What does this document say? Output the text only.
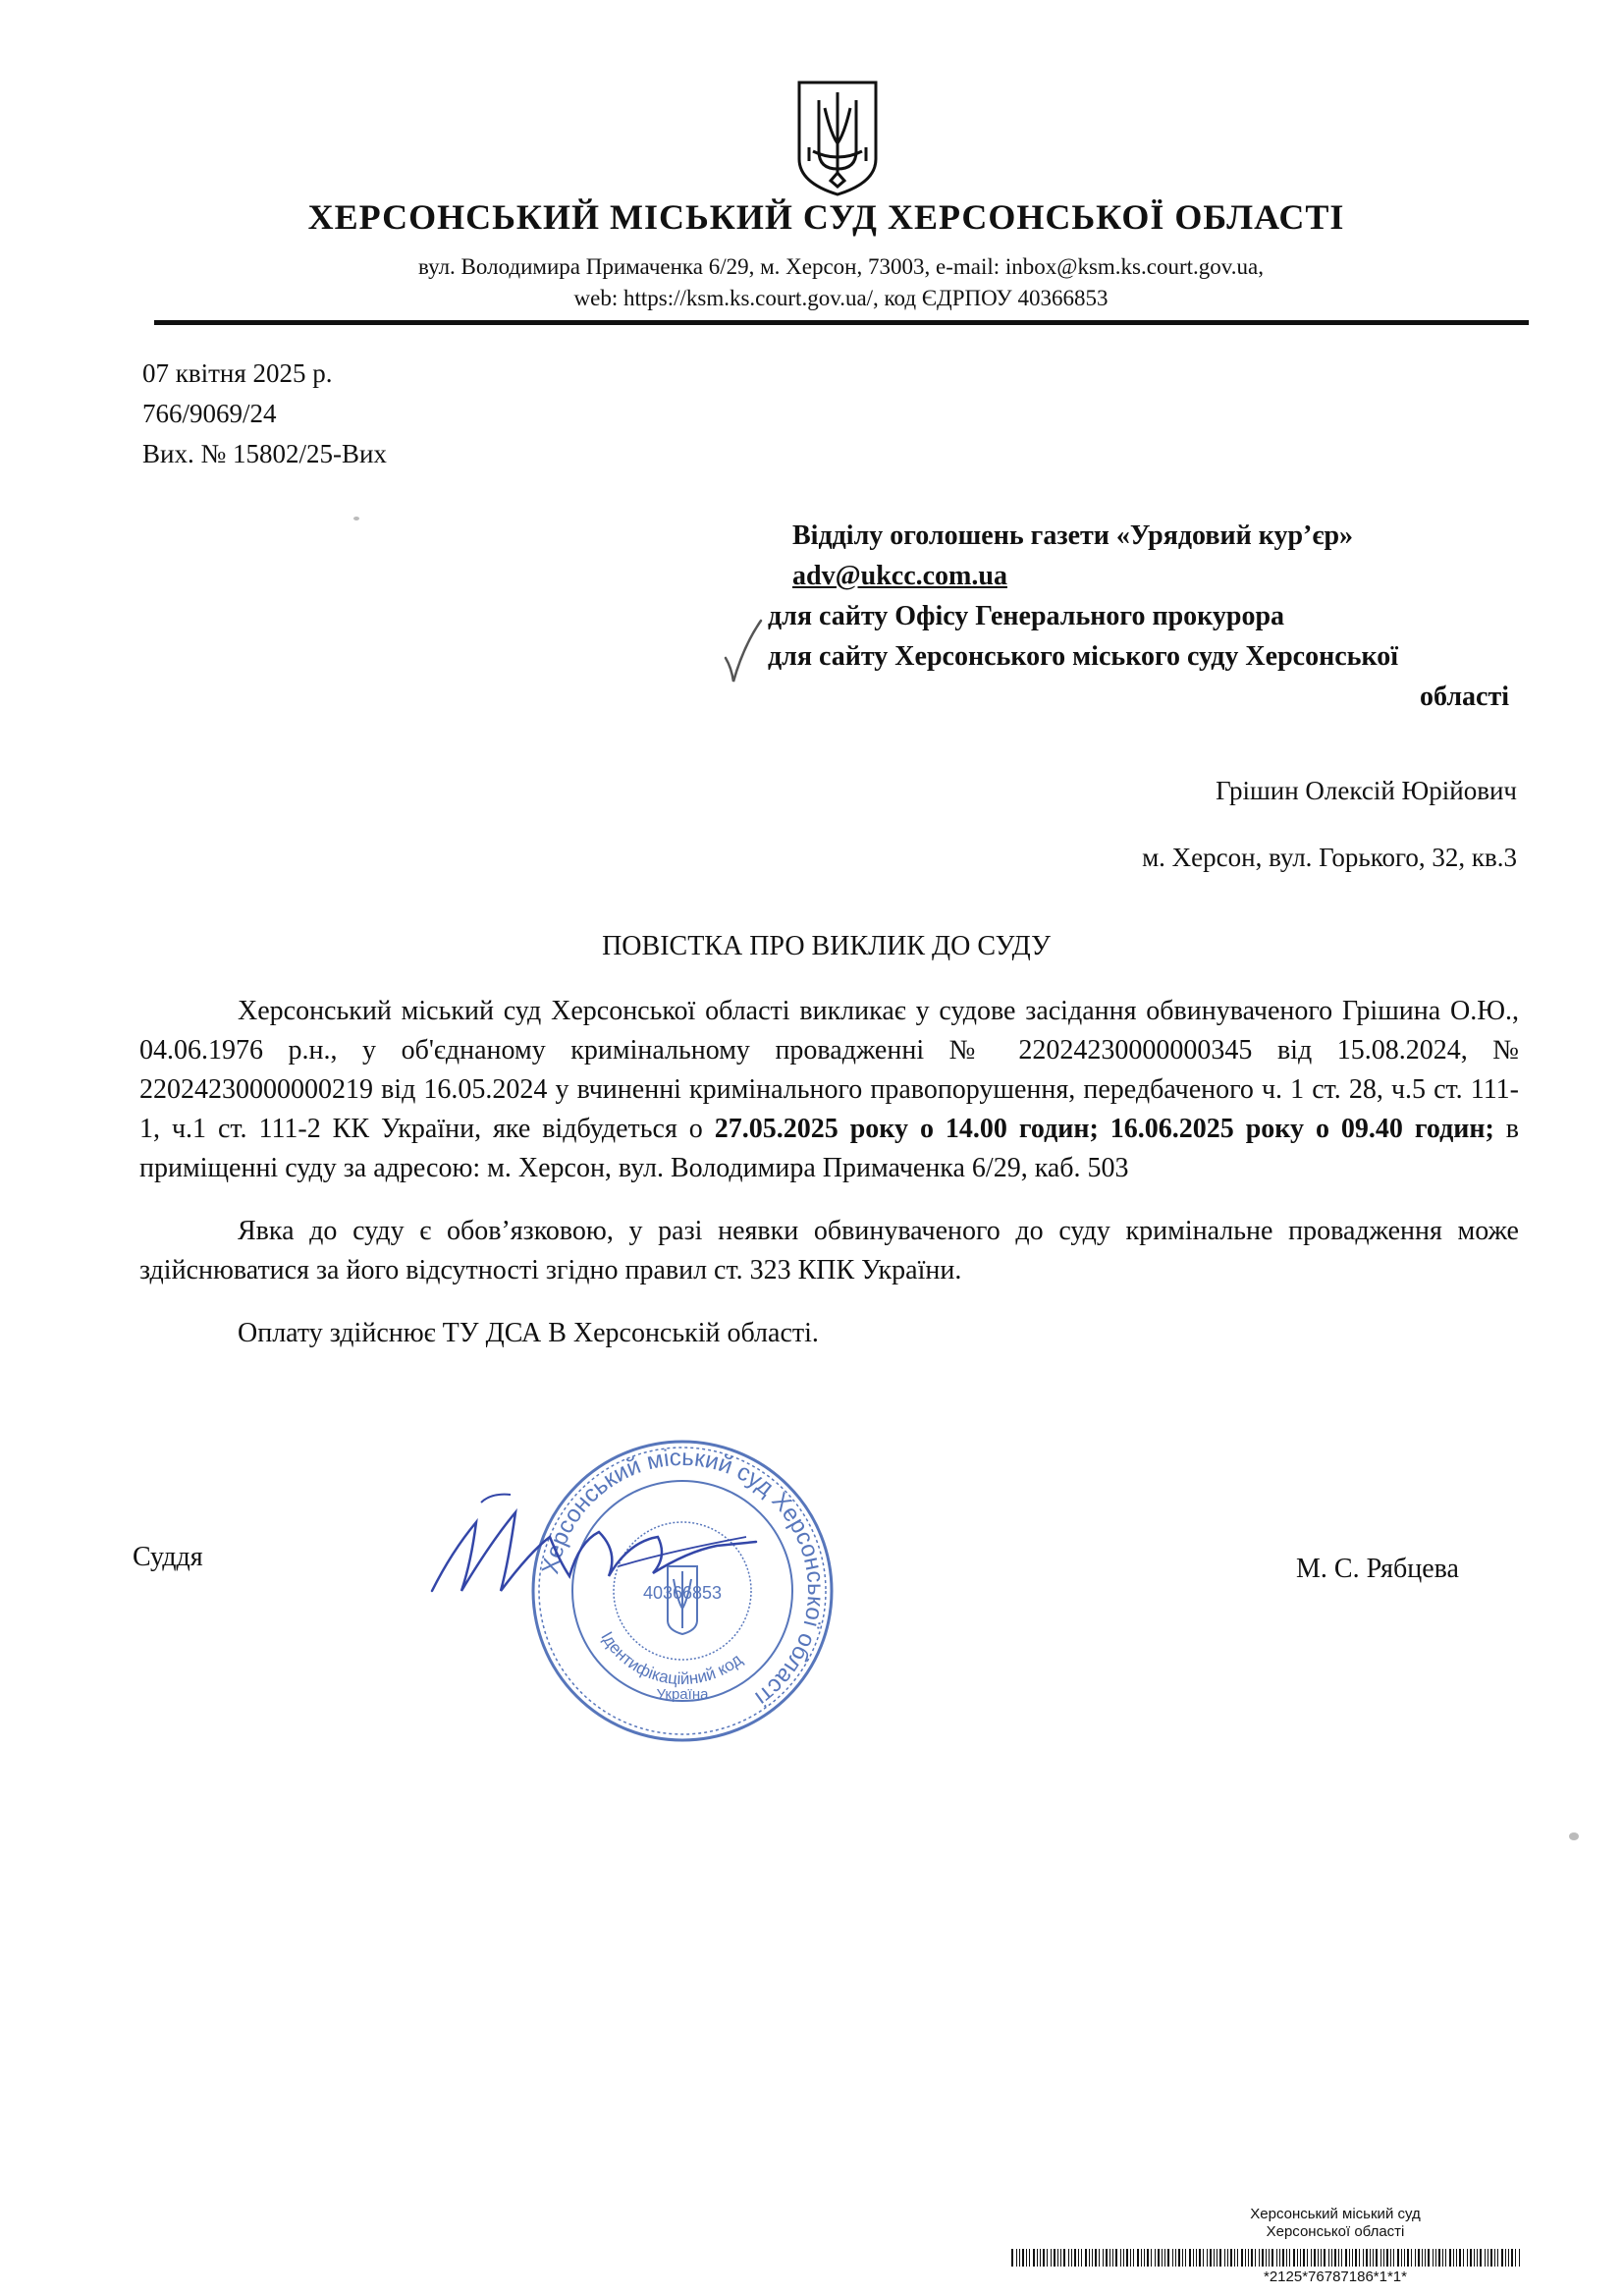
ХЕРСОНСЬКИЙ МІСЬКИЙ СУД ХЕРСОНСЬКОЇ ОБЛАСТІ
вул. Володимира Примаченка 6/29, м. Херсон, 73003, e-mail: inbox@ksm.ks.court.gov.ua,
web: https://ksm.ks.court.gov.ua/, код ЄДРПОУ 40366853
07 квітня 2025 р.
766/9069/24
Вих. № 15802/25-Вих
Відділу оголошень газети «Урядовий кур’єр»
adv@ukcc.com.ua
для сайту Офісу Генерального прокурора
для сайту Херсонського міського суду Херсонської
області
Грішин Олексій Юрійович
м. Херсон, вул. Горького, 32, кв.3
ПОВІСТКА ПРО ВИКЛИК ДО СУДУ

Херсонський міський суд Херсонської області викликає у судове засідання обвинуваченого Грішина О.Ю., 04.06.1976 р.н., у об'єднаному кримінальному провадженні № 22024230000000345 від 15.08.2024, № 22024230000000219 від 16.05.2024 у вчиненні кримінального правопорушення, передбаченого ч. 1 ст. 28, ч.5 ст. 111-1, ч.1 ст. 111-2 КК України, яке відбудеться о 27.05.2025 року о 14.00 годин; 16.06.2025 року о 09.40 годин; в приміщенні суду за адресою: м. Херсон, вул. Володимира Примаченка 6/29, каб. 503

Явка до суду є обов’язковою, у разі неявки обвинуваченого до суду кримінальне провадження може здійснюватися за його відсутності згідно правил ст. 323 КПК України.

Оплату здійснює ТУ ДСА В Херсонській області.

Суддя	М. С. Рябцева
Херсонський міський суд Херсонської області
Ідентифікаційний код
40366853
Україна
Херсонський міський суд
Херсонської області
*2125*76787186*1*1*
